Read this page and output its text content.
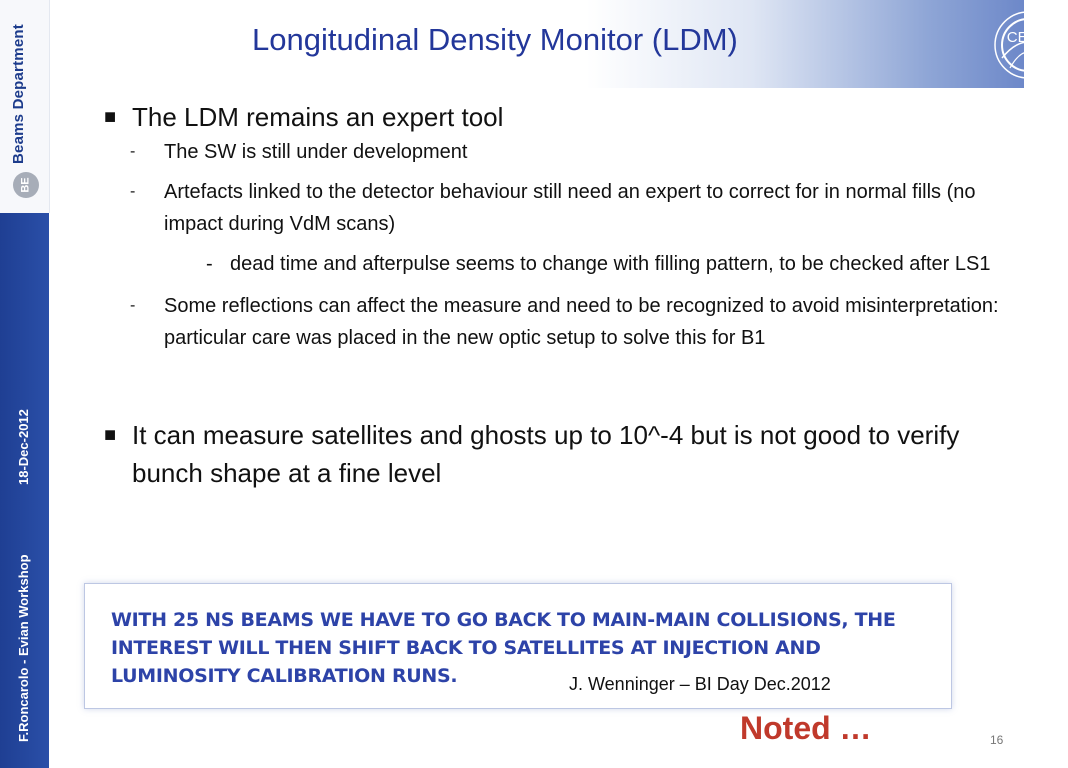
Beams Department
BE
F.Roncarolo - Evian Workshop
18-Dec-2012
Longitudinal Density Monitor (LDM)	CERN
■ The LDM remains an expert tool
- The SW is still under development
- Artefacts linked to the detector behaviour still need an expert to correct for in normal fills (no impact during VdM scans)
- dead time and afterpulse seems to change with filling pattern, to be checked after LS1
- Some reflections can affect the measure and need to be recognized to avoid misinterpretation: particular care was placed in the new optic setup to solve this for B1
■ It can measure satellites and ghosts up to 10^-4 but is not good to verify bunch shape at a fine level
WITH 25 NS BEAMS WE HAVE TO GO BACK TO MAIN-MAIN COLLISIONS, THE INTEREST WILL THEN SHIFT BACK TO SATELLITES AT INJECTION AND LUMINOSITY CALIBRATION RUNS.	J. Wenninger – BI Day Dec.2012
Noted …	16
